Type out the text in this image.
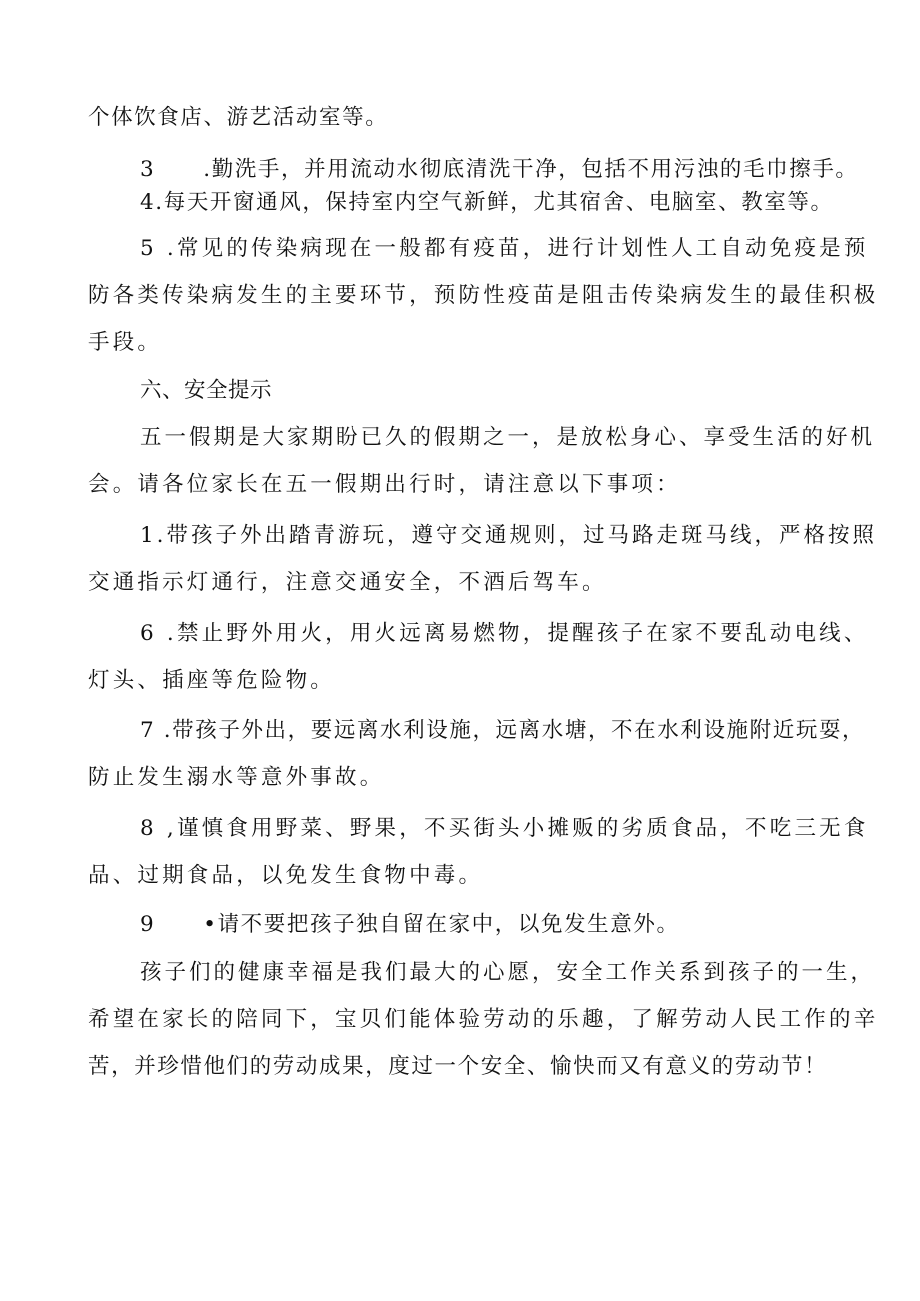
个体饮食店、游艺活动室等。
3 .勤洗手，并用流动水彻底清洗干净，包括不用污浊的毛巾擦手。
4.每天开窗通风，保持室内空气新鲜，尤其宿舍、电脑室、教室等。
5 .常见的传染病现在一般都有疫苗，进行计划性人工自动免疫是预
防各类传染病发生的主要环节，预防性疫苗是阻击传染病发生的最佳积极
手段。
六、安全提示
五一假期是大家期盼已久的假期之一，是放松身心、享受生活的好机
会。请各位家长在五一假期出行时，请注意以下事项：
1.带孩子外出踏青游玩，遵守交通规则，过马路走斑马线，严格按照
交通指示灯通行，注意交通安全，不酒后驾车。
6 .禁止野外用火，用火远离易燃物，提醒孩子在家不要乱动电线、
灯头、插座等危险物。
7 .带孩子外出，要远离水利设施，远离水塘，不在水利设施附近玩耍，
防止发生溺水等意外事故。
8 ,谨慎食用野菜、野果，不买街头小摊贩的劣质食品，不吃三无食
品、过期食品，以免发生食物中毒。
9 •请不要把孩子独自留在家中，以免发生意外。
孩子们的健康幸福是我们最大的心愿，安全工作关系到孩子的一生，
希望在家长的陪同下，宝贝们能体验劳动的乐趣，了解劳动人民工作的辛
苦，并珍惜他们的劳动成果，度过一个安全、愉快而又有意义的劳动节！
